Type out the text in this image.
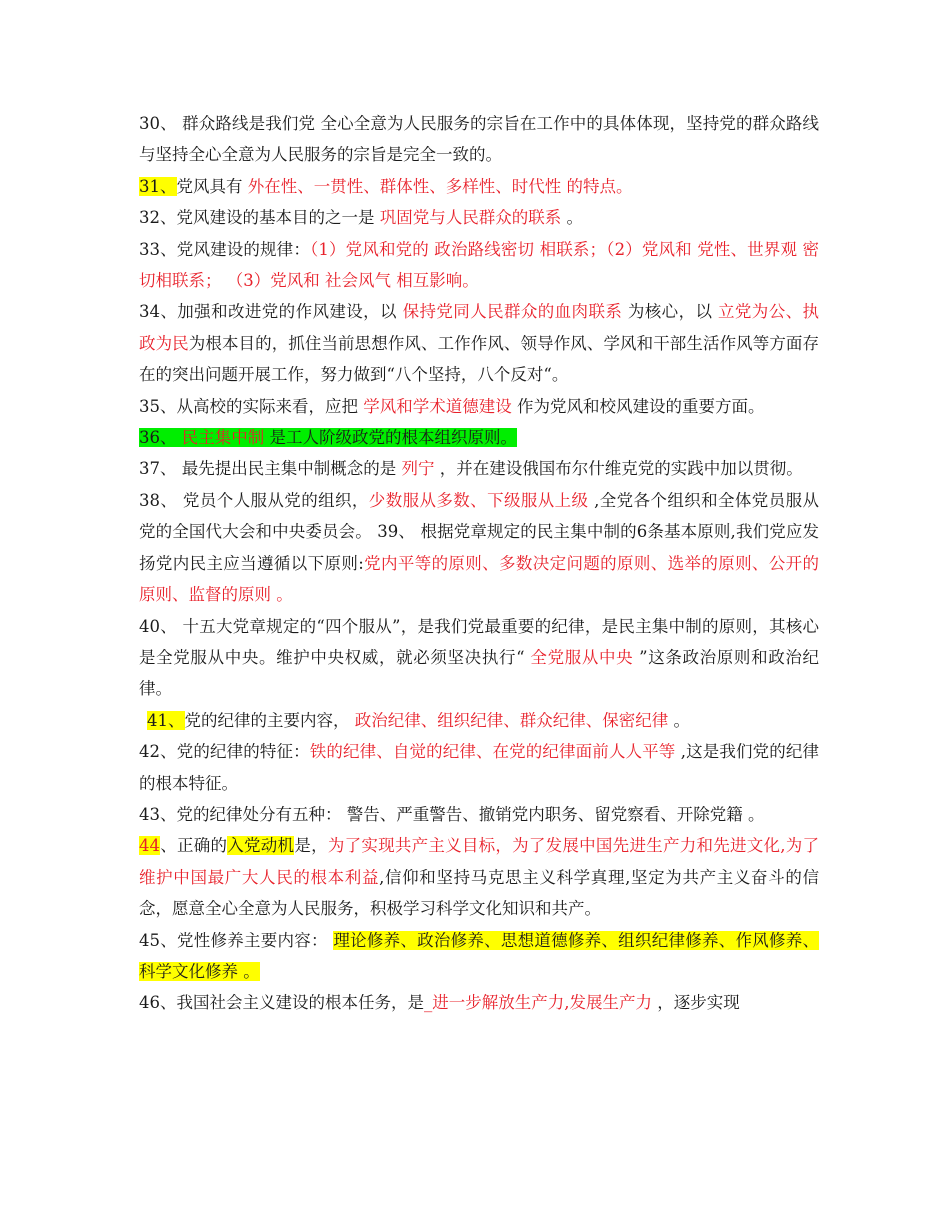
30、 群众路线是我们党 全心全意为人民服务的宗旨在工作中的具体体现，坚持党的群众路线与坚持全心全意为人民服务的宗旨是完全一致的。

31、党风具有 外在性、一贯性、群体性、多样性、时代性 的特点。

32、党风建设的基本目的之一是 巩固党与人民群众的联系 。

33、党风建设的规律：（1）党风和党的 政治路线密切 相联系；（2）党风和 党性、世界观 密切相联系； （3）党风和 社会风气 相互影响。

34、加强和改进党的作风建设，以 保持党同人民群众的血肉联系 为核心，以 立党为公、执政为民为根本目的，抓住当前思想作风、工作作风、领导作风、学风和干部生活作风等方面存在的突出问题开展工作，努力做到“八个坚持，八个反对“。

35、从高校的实际来看，应把 学风和学术道德建设 作为党风和校风建设的重要方面。

36、 民主集中制 是工人阶级政党的根本组织原则。

37、 最先提出民主集中制概念的是 列宁 ，并在建设俄国布尔什维克党的实践中加以贯彻。

38、 党员个人服从党的组织，少数服从多数、下级服从上级 ,全党各个组织和全体党员服从党的全国代大会和中央委员会。 39、 根据党章规定的民主集中制的6条基本原则,我们党应发扬党内民主应当遵循以下原则:党内平等的原则、多数决定问题的原则、选举的原则、公开的原则、监督的原则 。

40、 十五大党章规定的“四个服从”，是我们党最重要的纪律，是民主集中制的原则，其核心是全党服从中央。维护中央权威，就必须坚决执行“ 全党服从中央 ”这条政治原则和政治纪律。

41、党的纪律的主要内容， 政治纪律、组织纪律、群众纪律、保密纪律 。

42、党的纪律的特征：铁的纪律、自觉的纪律、在党的纪律面前人人平等 ,这是我们党的纪律的根本特征。

43、党的纪律处分有五种： 警告、严重警告、撤销党内职务、留党察看、开除党籍 。

44、正确的入党动机是，为了实现共产主义目标，为了发展中国先进生产力和先进文化,为了维护中国最广大人民的根本利益,信仰和坚持马克思主义科学真理,坚定为共产主义奋斗的信念，愿意全心全意为人民服务，积极学习科学文化知识和共产。

45、党性修养主要内容： 理论修养、政治修养、思想道德修养、组织纪律修养、作风修养、科学文化修养 。

46、我国社会主义建设的根本任务，是_进一步解放生产力,发展生产力 ，逐步实现
